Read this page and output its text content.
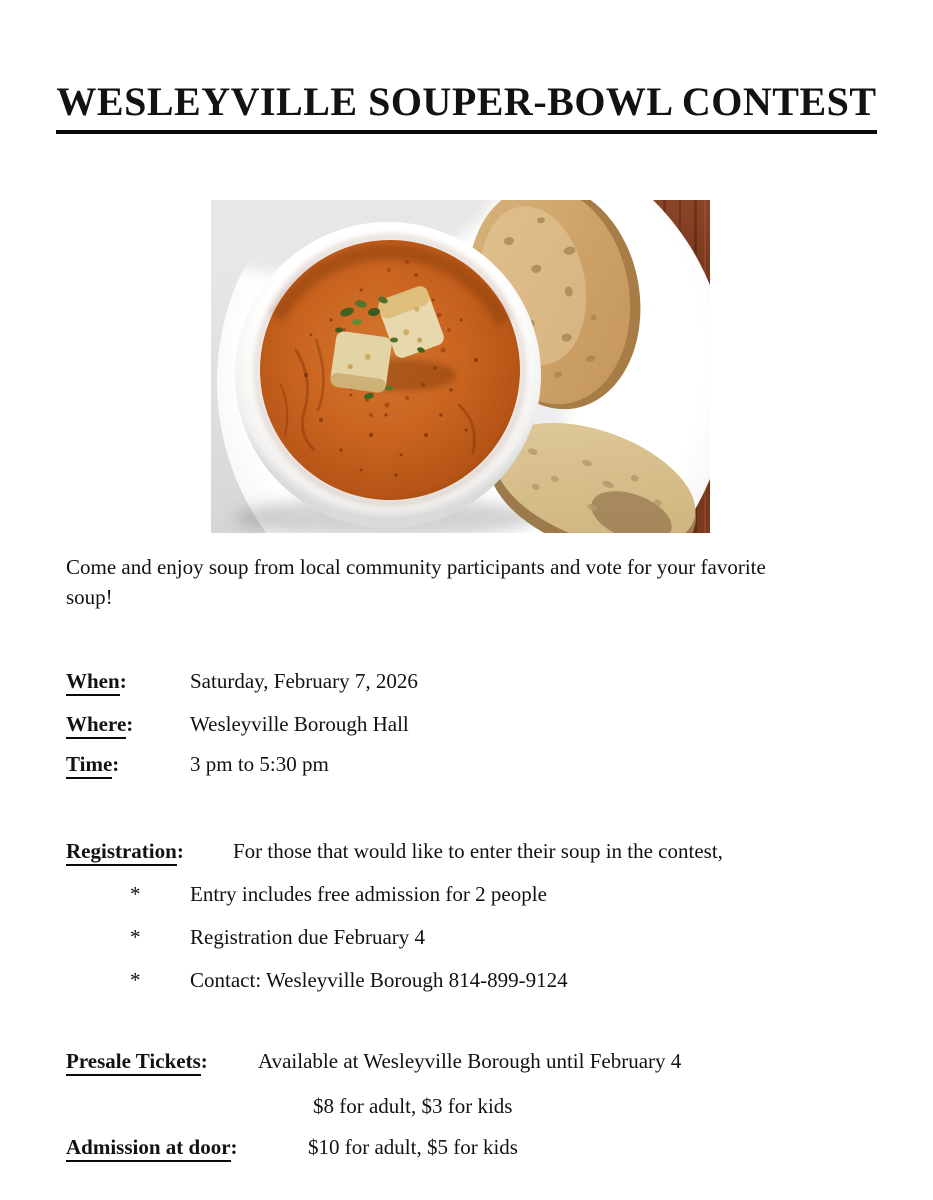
WESLEYVILLE SOUPER-BOWL CONTEST
Come and enjoy soup from local community participants and vote for your favorite
soup!
When:	Saturday, February 7, 2026
Where:	Wesleyville Borough Hall
Time:	3 pm to 5:30 pm
Registration: For those that would like to enter their soup in the contest,
* Entry includes free admission for 2 people
* Registration due February 4
* Contact: Wesleyville Borough 814-899-9124
Presale Tickets: Available at Wesleyville Borough until February 4
$8 for adult, $3 for kids
Admission at door:	$10 for adult, $5 for kids
